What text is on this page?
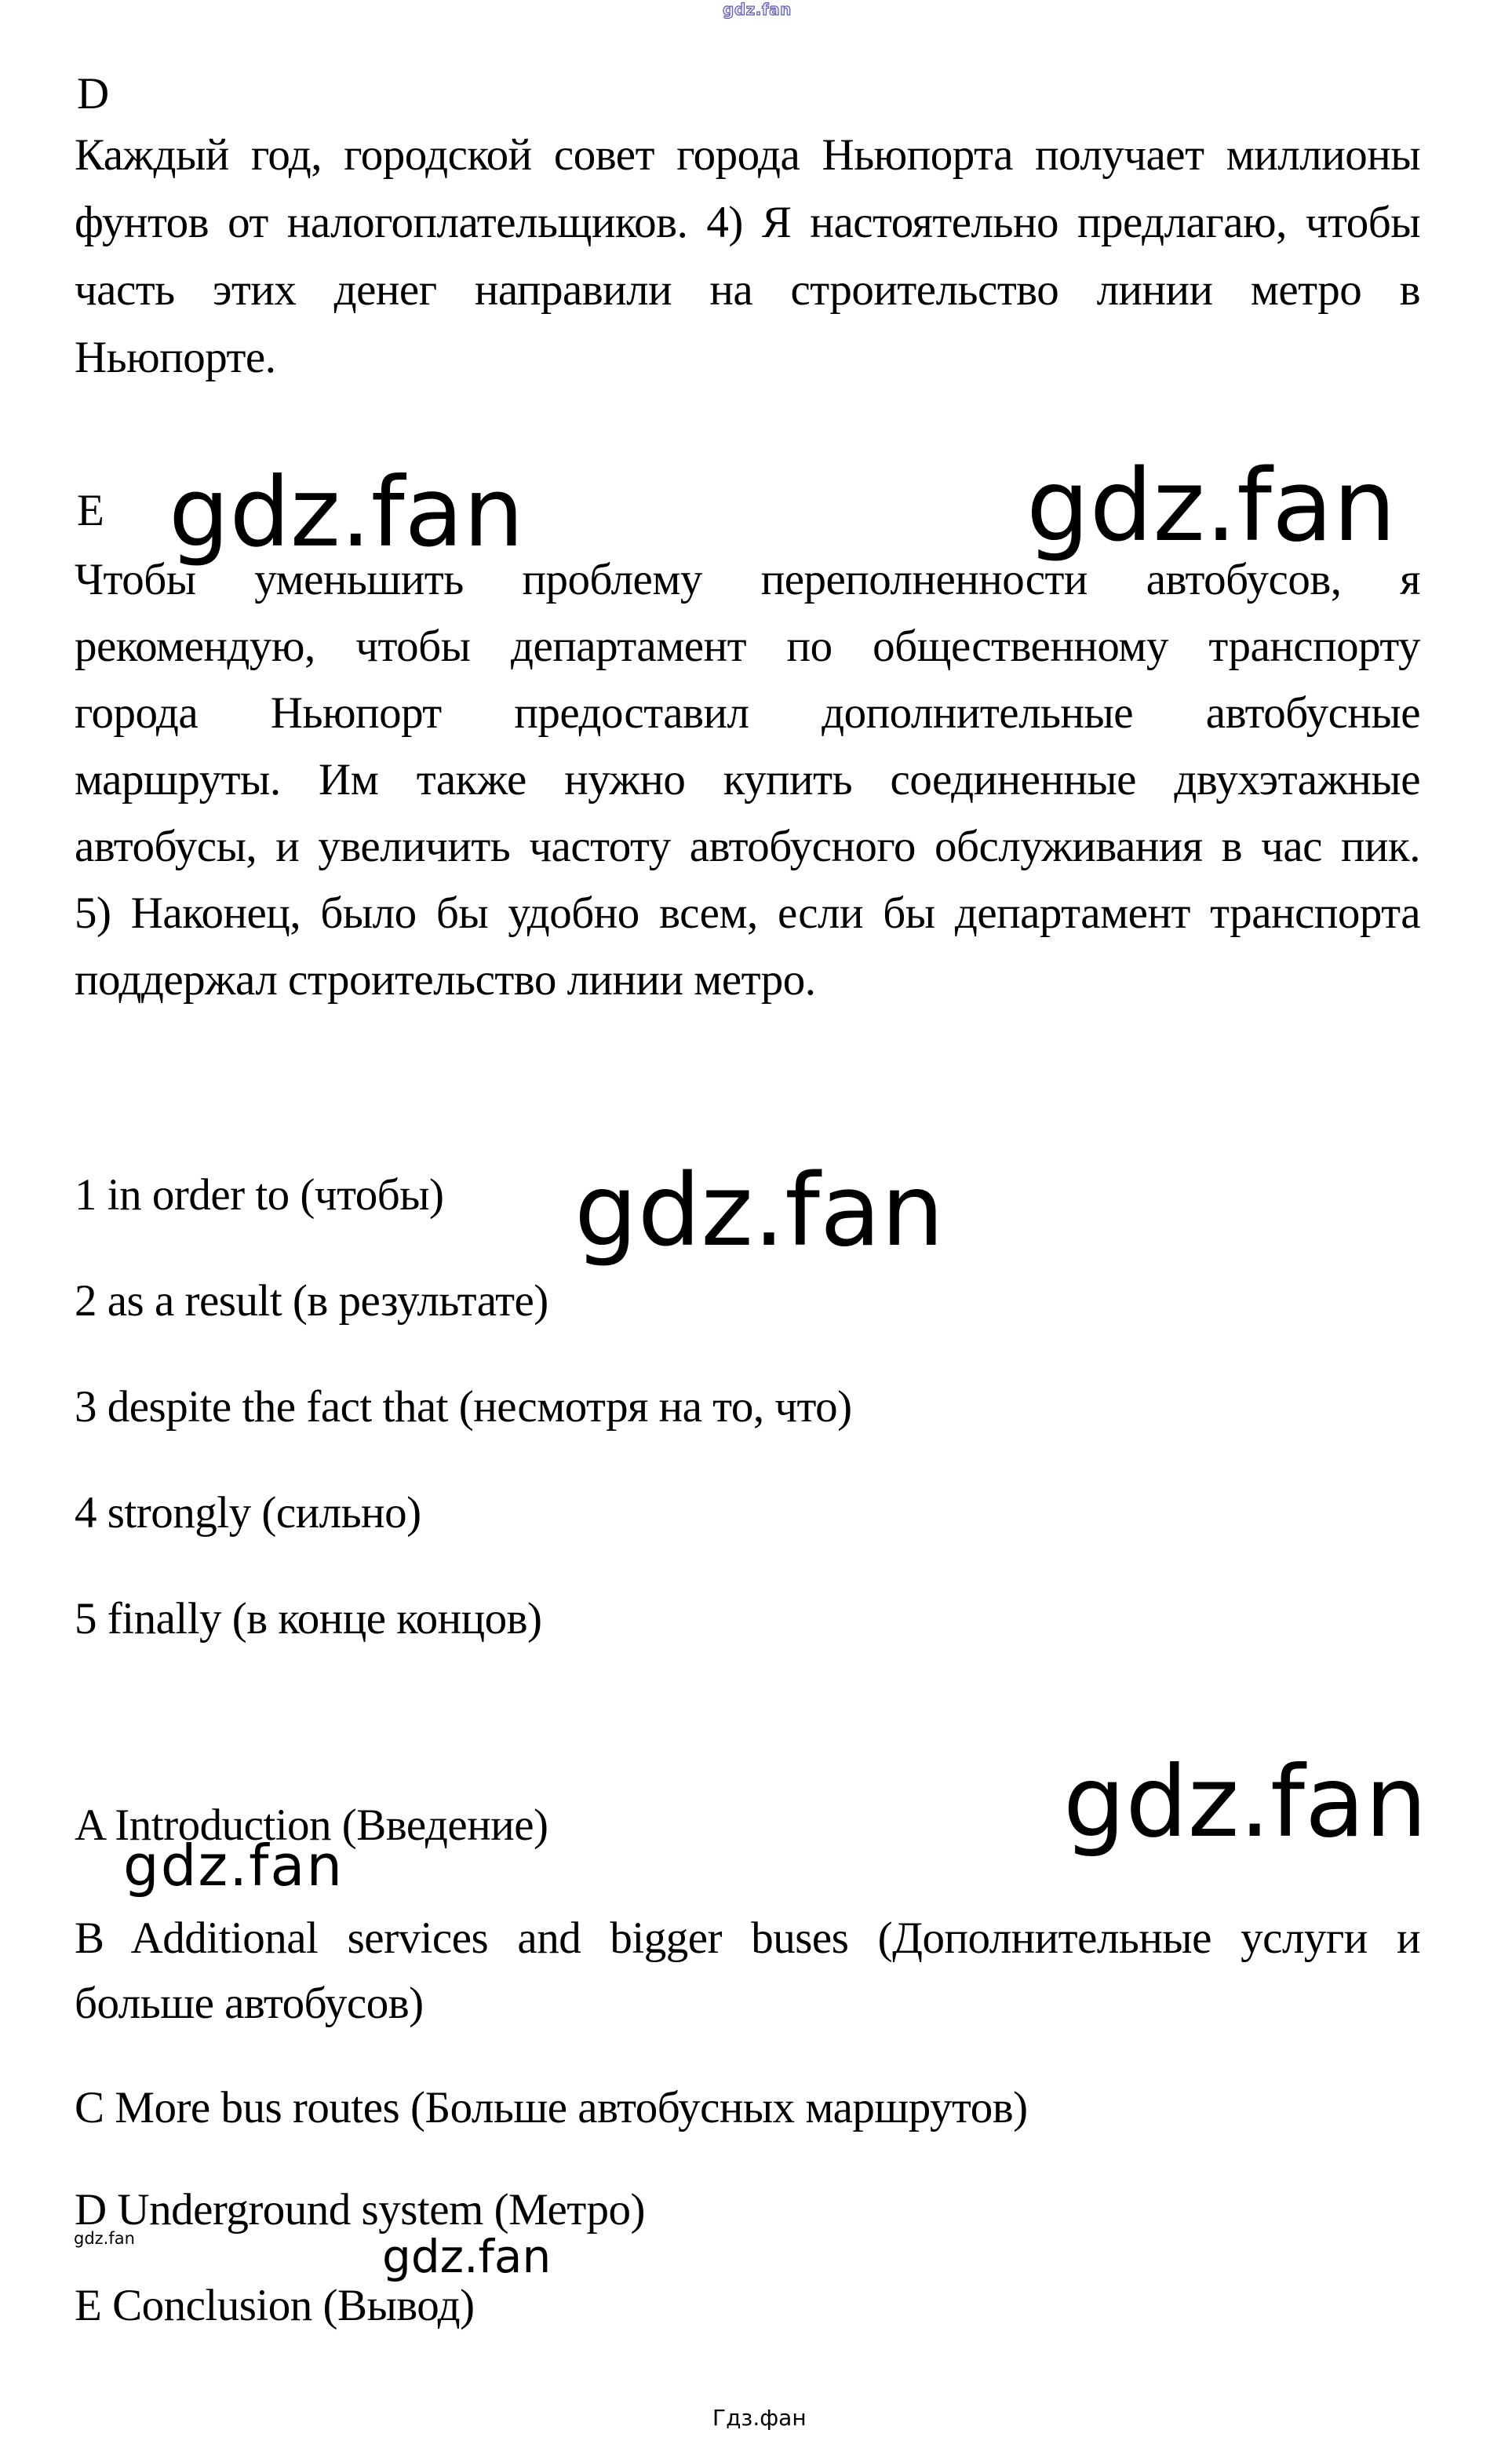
gdz.fan
D
Каждый год, городской совет города Ньюпорта получает миллионы
фунтов от налогоплательщиков. 4) Я настоятельно предлагаю, чтобы
часть этих денег направили на строительство линии метро в
Ньюпорте.
E gdz.fan	gdz.fan
Чтобы уменьшить проблему переполненности автобусов, я
рекомендую, чтобы департамент по общественному транспорту
города Ньюпорт предоставил дополнительные автобусные
маршруты. Им также нужно купить соединенные двухэтажные
автобусы, и увеличить частоту автобусного обслуживания в час пик.
5) Наконец, было бы удобно всем, если бы департамент транспорта
поддержал строительство линии метро.
gdz.fan
1 in order to (чтобы)
2 as a result (в результате)
3 despite the fact that (несмотря на то, что)
4 strongly (сильно)
5 finally (в конце концов)
gdz.fan
A Introduction (Введение)
gdz.fan
B Additional services and bigger buses (Дополнительные услуги и
больше автобусов)
C More bus routes (Больше автобусных маршрутов)
D Underground system (Метро)
gdz.fan	gdz.fan
E Conclusion (Вывод)
Гдз.фан
